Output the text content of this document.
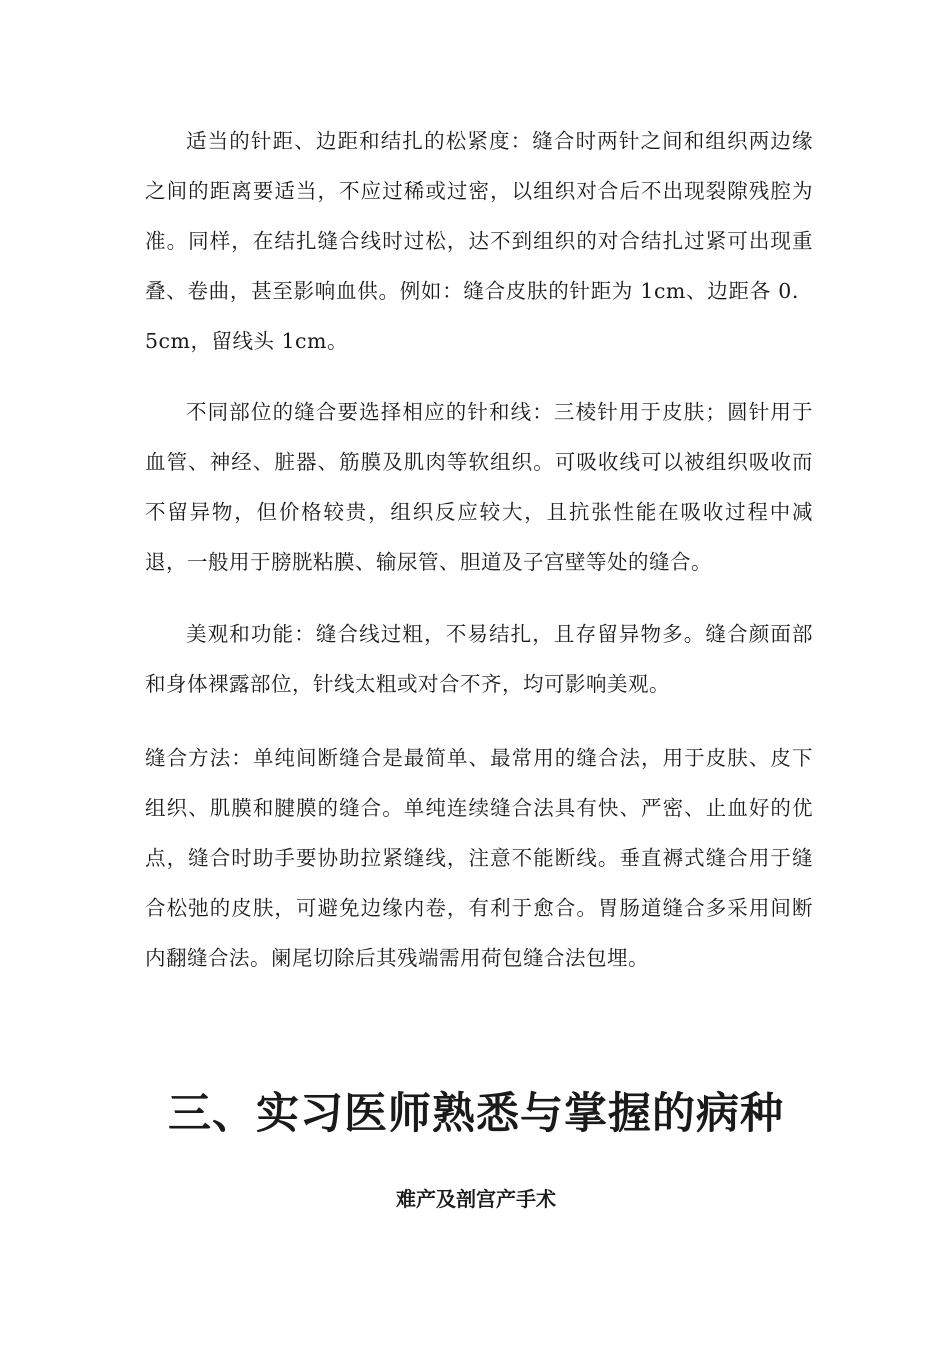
适当的针距、边距和结扎的松紧度：缝合时两针之间和组织两边缘之间的距离要适当，不应过稀或过密，以组织对合后不出现裂隙残腔为准。同样，在结扎缝合线时过松，达不到组织的对合结扎过紧可出现重叠、卷曲，甚至影响血供。例如：缝合皮肤的针距为 1cm、边距各 0．5cm，留线头 1cm。

不同部位的缝合要选择相应的针和线：三棱针用于皮肤；圆针用于血管、神经、脏器、筋膜及肌肉等软组织。可吸收线可以被组织吸收而不留异物，但价格较贵，组织反应较大，且抗张性能在吸收过程中减退，一般用于膀胱粘膜、输尿管、胆道及子宫壁等处的缝合。

美观和功能：缝合线过粗，不易结扎，且存留异物多。缝合颜面部和身体裸露部位，针线太粗或对合不齐，均可影响美观。

缝合方法：单纯间断缝合是最简单、最常用的缝合法，用于皮肤、皮下组织、肌膜和腱膜的缝合。单纯连续缝合法具有快、严密、止血好的优点，缝合时助手要协助拉紧缝线，注意不能断线。垂直褥式缝合用于缝合松弛的皮肤，可避免边缘内卷，有利于愈合。胃肠道缝合多采用间断内翻缝合法。阑尾切除后其残端需用荷包缝合法包埋。

三、实习医师熟悉与掌握的病种
难产及剖宫产手术
